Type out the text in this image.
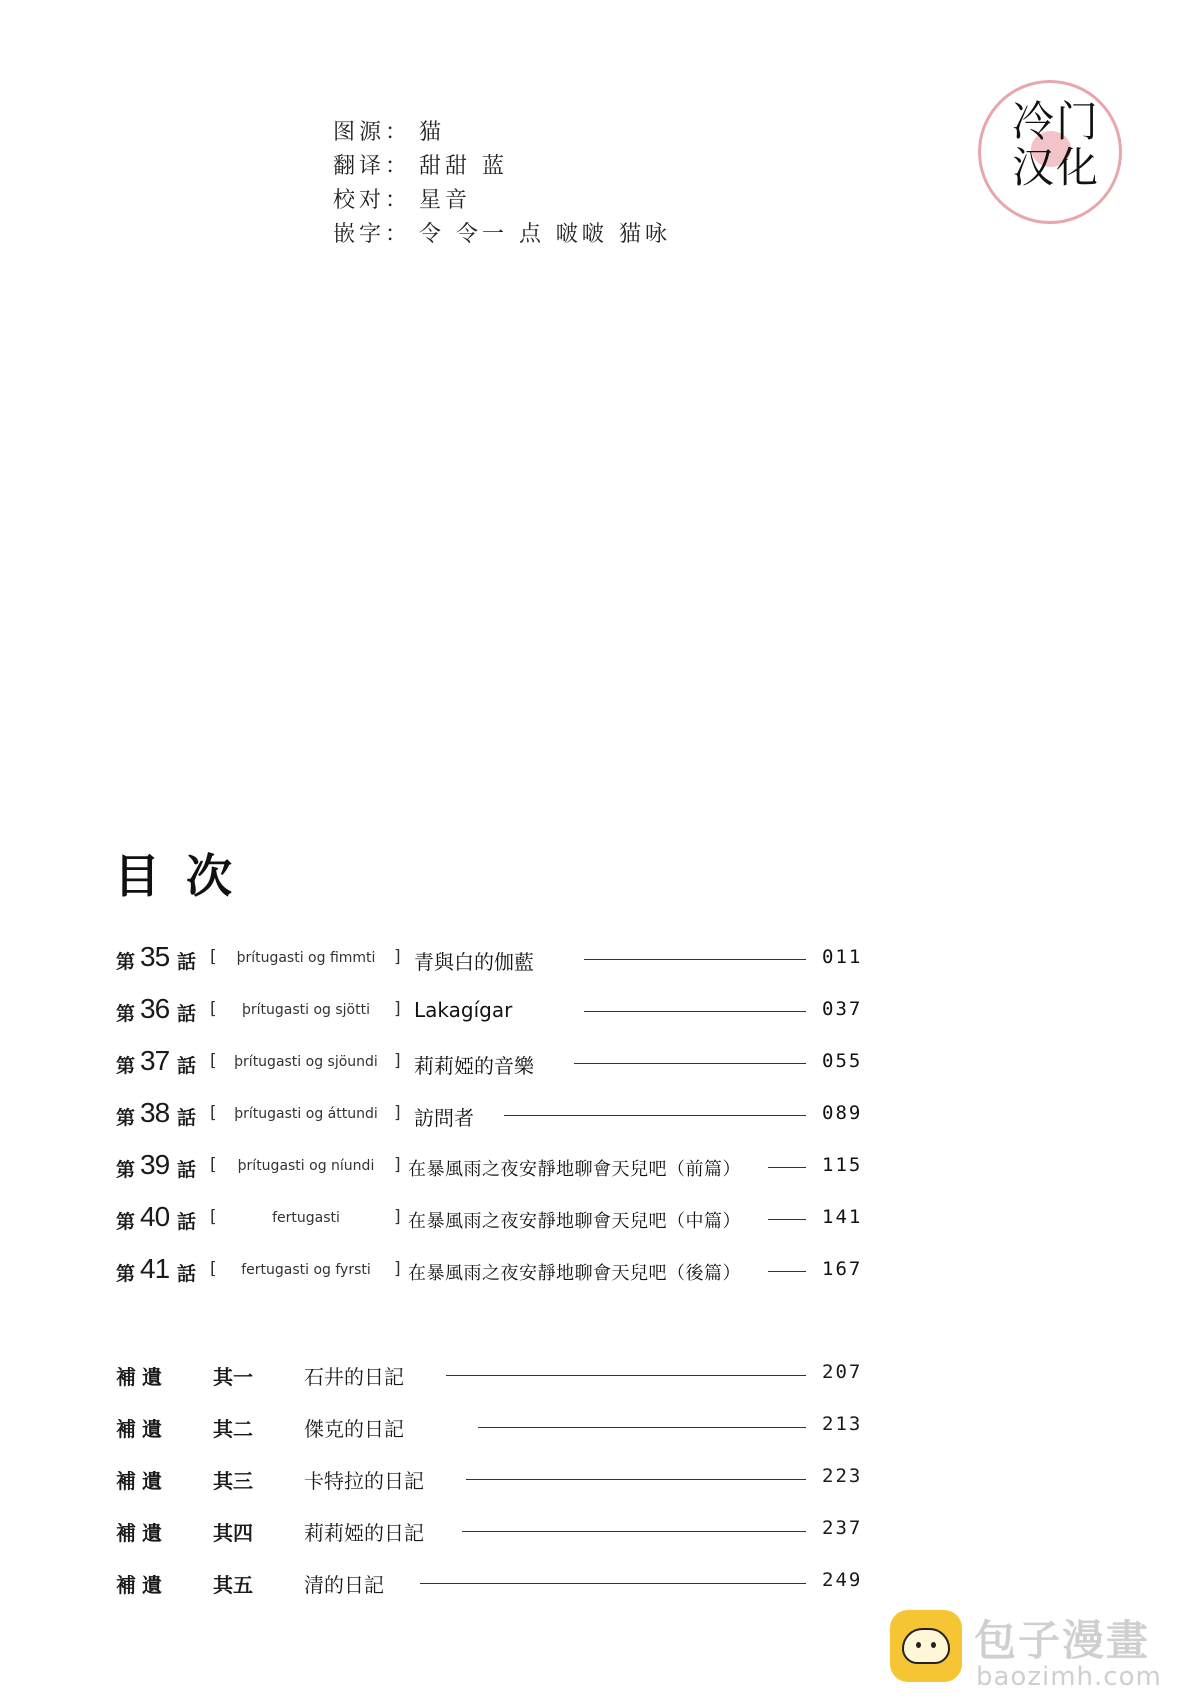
图源： 猫
翻译： 甜甜 蓝
校对： 星音
嵌字： 令 令一 点 啵啵 猫咏
冷门
汉化
目次
第 35 話 [	þrítugasti og fimmti	] 青與白的伽藍	011
第 36 話 [	þrítugasti og sjötti	] Lakagígar	037
第 37 話 [	þrítugasti og sjöundi ] 莉莉婭的音樂	055
第 38 話 [	þrítugasti og áttundi ] 訪問者	089
第 39 話 [	þrítugasti og níundi	] 在暴風雨之夜安靜地聊會天兒吧（前篇）	115
第 40 話 [	fertugasti	] 在暴風雨之夜安靜地聊會天兒吧（中篇）	141
第 41 話 [	fertugasti og fyrsti	] 在暴風雨之夜安靜地聊會天兒吧（後篇）	167
補遺 其一	石井的日記	207
補遺 其二	傑克的日記	213
補遺 其三	卡特拉的日記	223
補遺 其四	莉莉婭的日記	237
補遺 其五	清的日記	249
包子漫畫
baozimh.com
